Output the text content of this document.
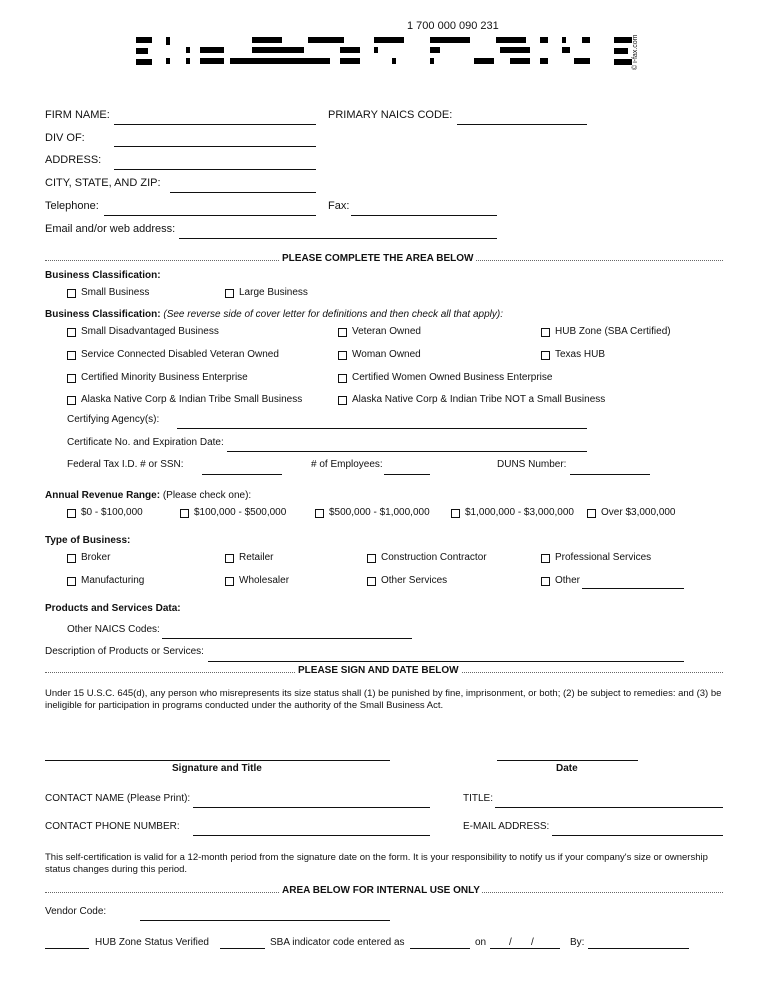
1 700 000 090 231
© i-fax.com
FIRM NAME:	PRIMARY NAICS CODE:
DIV OF:
ADDRESS:
CITY, STATE, AND ZIP:
Telephone:	Fax:
Email and/or web address:
PLEASE COMPLETE THE AREA BELOW
Business Classification:
Small Business	Large Business
Business Classification: (See reverse side of cover letter for definitions and then check all that apply):
Small Disadvantaged Business	Veteran Owned	HUB Zone (SBA Certified)
Service Connected Disabled Veteran Owned	Woman Owned	Texas HUB
Certified Minority Business Enterprise	Certified Women Owned Business Enterprise
Alaska Native Corp & Indian Tribe Small Business	Alaska Native Corp & Indian Tribe NOT a Small Business
Certifying Agency(s):
Certificate No. and Expiration Date:
Federal Tax I.D. # or SSN:	# of Employees:	DUNS Number:
Annual Revenue Range: (Please check one):
$0 - $100,000	$100,000 - $500,000	$500,000 - $1,000,000	$1,000,000 - $3,000,000	Over $3,000,000
Type of Business:
Broker	Retailer	Construction Contractor	Professional Services
Manufacturing	Wholesaler	Other Services	Other
Products and Services Data:
Other NAICS Codes:
Description of Products or Services:
PLEASE SIGN AND DATE BELOW
Under 15 U.S.C. 645(d), any person who misrepresents its size status shall (1) be punished by fine, imprisonment, or both; (2) be subject to remedies: and (3) be ineligible for participation in programs conducted under the authority of the Small Business Act.
Signature and Title	Date
CONTACT NAME (Please Print):	TITLE:
CONTACT PHONE NUMBER:	E-MAIL ADDRESS:
This self-certification is valid for a 12-month period from the signature date on the form. It is your responsibility to notify us if your company's size or ownership status changes during this period.
AREA BELOW FOR INTERNAL USE ONLY
Vendor Code:
HUB Zone Status Verified	SBA indicator code entered as	on / /	By:
